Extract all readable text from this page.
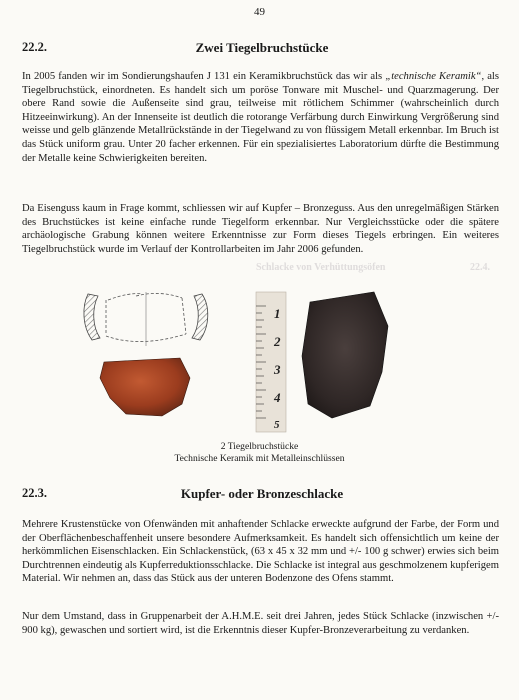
Schlacke von Verhüttungsöfen	22.4.
49
22.2.	Zwei Tiegelbruchstücke

In 2005 fanden wir im Sondierungshaufen J 131 ein Keramikbruchstück das wir als „technische Keramik“, als Tiegelbruchstück, einordneten. Es handelt sich um poröse Tonware mit Muschel- und Quarzmagerung. Der obere Rand sowie die Außenseite sind grau, teilweise mit rötlichem Schimmer (wahrscheinlich durch Hitzeeinwirkung). An der Innenseite ist deutlich die rotorange Verfärbung durch Einwirkung Vergrößerung sind weisse und gelb glänzende Metallrückstände in der Tiegelwand zu von flüssigem Metall erkennbar. Im Bruch ist das Stück uniform grau. Unter 20 facher erkennen. Für ein spezialisiertes Laboratorium dürfte die Bestimmung der Metalle keine Schwierigkeiten bereiten.

Da Eisenguss kaum in Frage kommt, schliessen wir auf Kupfer – Bronzeguss. Aus den unregelmäßigen Stärken des Bruchstückes ist keine einfache runde Tiegelform erkennbar. Nur Vergleichsstücke oder die spätere archäologische Grabung können weitere Erkenntnisse zur Form dieses Tiegels erbringen. Ein weiteres Tiegelbruchstück wurde im Verlauf der Kontrollarbeiten im Jahr 2006 gefunden.

1
2
3
4
5
2 Tiegelbruchstücke
Technische Keramik mit Metalleinschlüssen
22.3.	Kupfer- oder Bronzeschlacke

Mehrere Krustenstücke von Ofenwänden mit anhaftender Schlacke erweckte aufgrund der Farbe, der Form und der Oberflächenbeschaffenheit unsere besondere Aufmerksamkeit. Es handelt sich offensichtlich um keine der herkömmlichen Eisenschlacken. Ein Schlackenstück, (63 x 45 x 32 mm und +/- 100 g schwer) erwies sich beim Durchtrennen eindeutig als Kupferreduktionsschlacke. Die Schlacke ist integral aus geschmolzenem kupferigem Material. Wir nehmen an, dass das Stück aus der unteren Bodenzone des Ofens stammt.

Nur dem Umstand, dass in Gruppenarbeit der A.H.M.E. seit drei Jahren, jedes Stück Schlacke (inzwischen +/- 900 kg), gewaschen und sortiert wird, ist die Erkenntnis dieser Kupfer-Bronzeverarbeitung zu verdanken.
